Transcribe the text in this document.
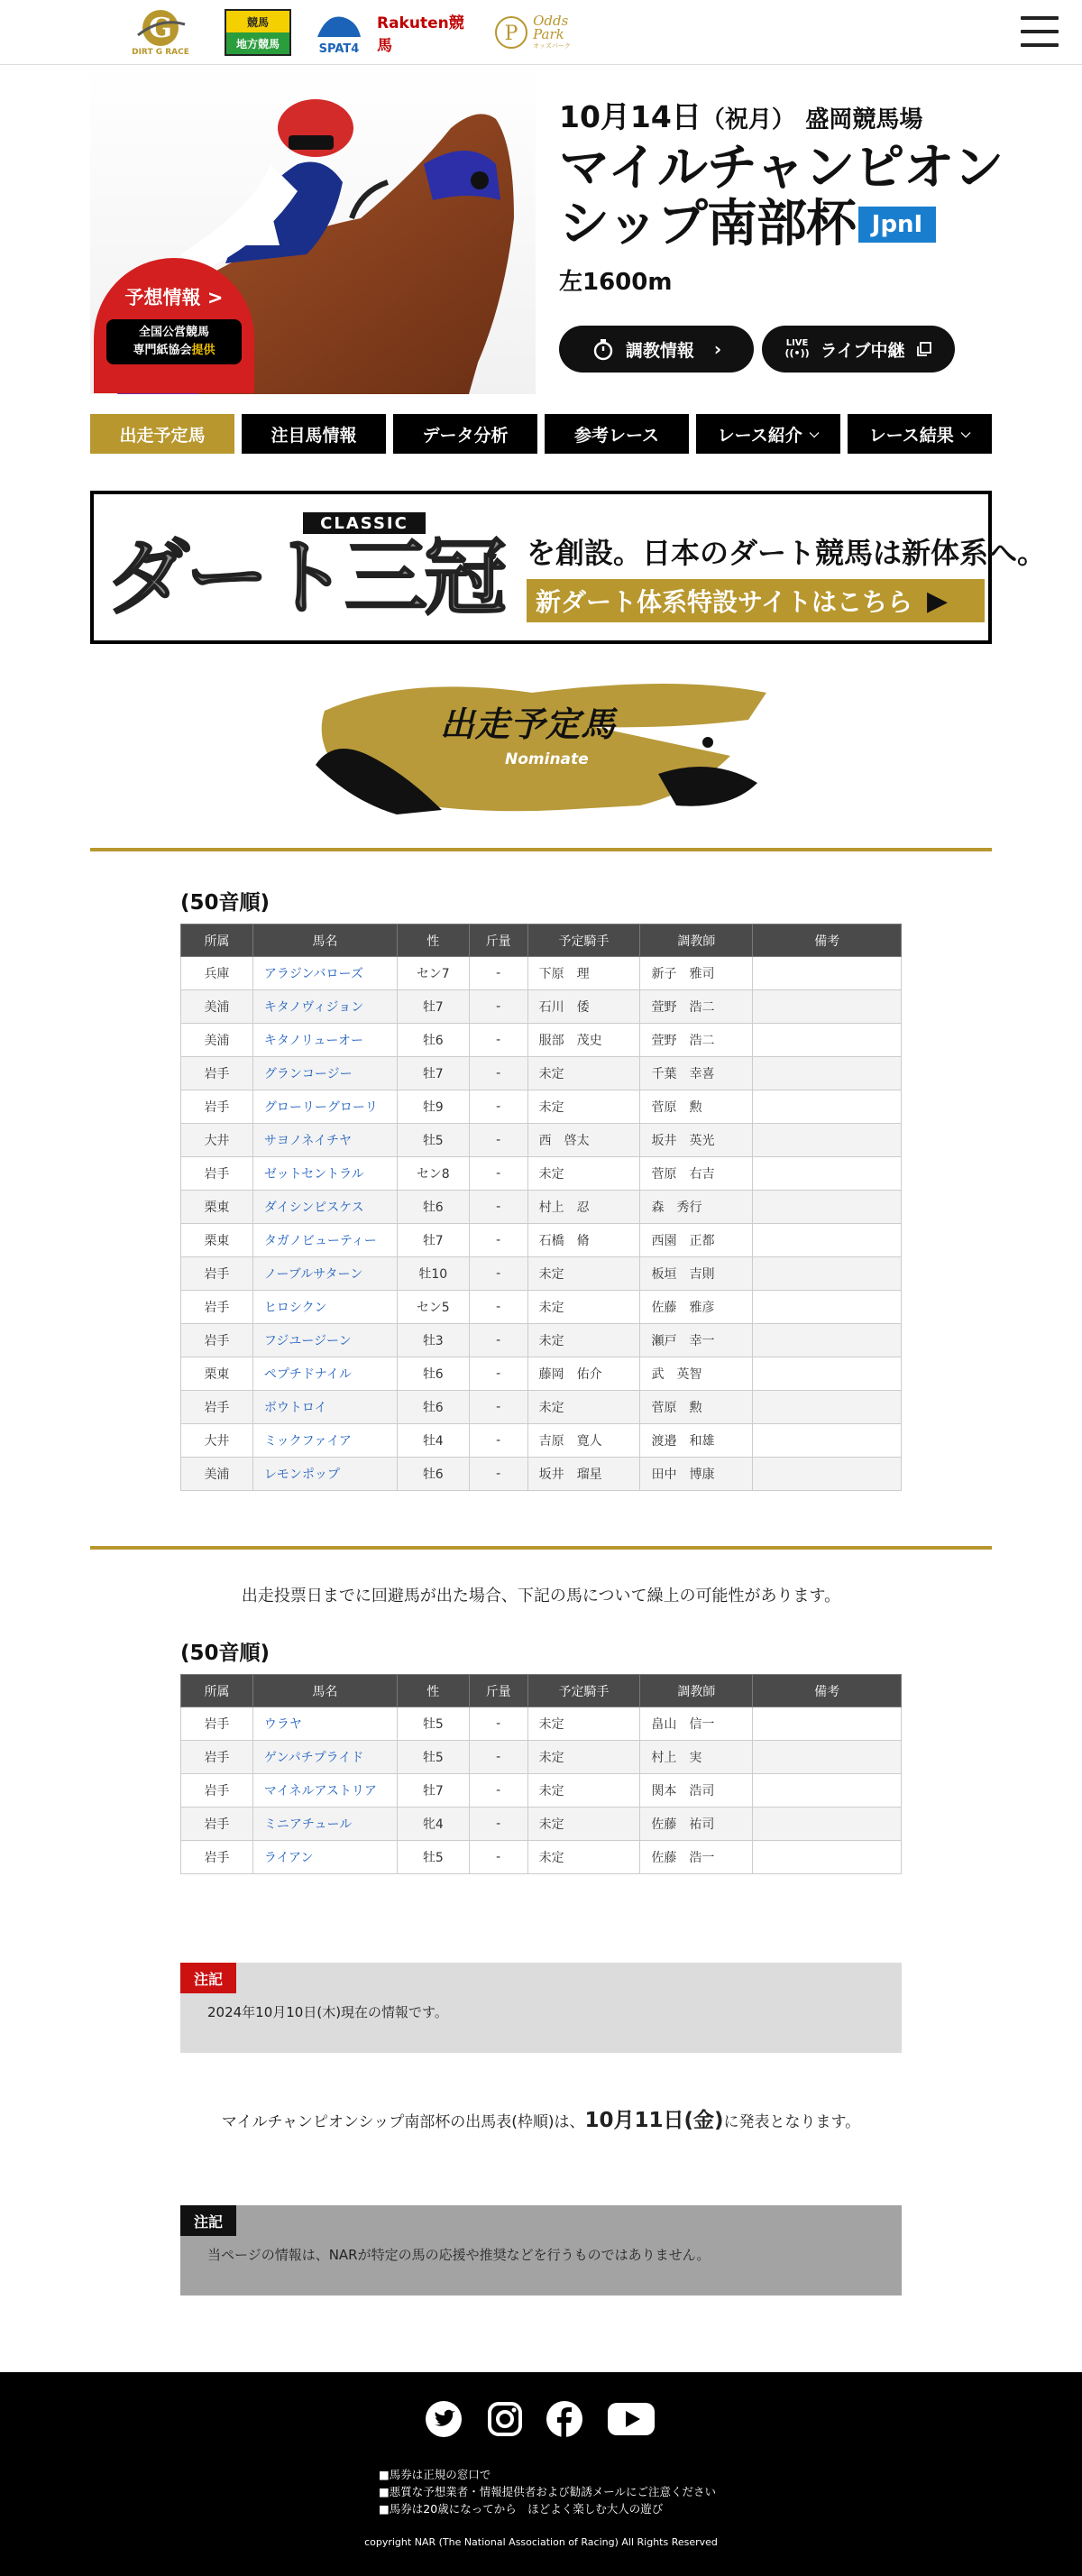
G
DIRT G RACE
競馬
地方競馬	SPAT4
Rakuten競馬
P
Odds
Park
オッズパーク
予想情報 >
全国公営競馬
専門紙協会提供
10月14日（祝月） 盛岡競馬場
マイルチャンピオン
シップ南部杯 JpnⅠ
左1600m
調教情報 ›	LIVE
((•)) ライブ中継
出走予定馬	注目馬情報	データ分析	参考レース	レース紹介 ⌵	レース結果 ⌵
CLASSIC
ダート三冠 を創設。日本のダート競馬は新体系へ。
新ダート体系特設サイトはこちら ▶
出走予定馬
Nominate
(50音順)
所属	馬名	性	斤量	予定騎手	調教師	備考
兵庫	アラジンバローズ	セン7	-	下原　理	新子　雅司	
美浦	キタノヴィジョン	牡7	-	石川　倭	萱野　浩二	
美浦	キタノリューオー	牡6	-	服部　茂史	萱野　浩二	
岩手	グランコージー	牡7	-	未定	千葉　幸喜	
岩手	グローリーグローリ	牡9	-	未定	菅原　勲	
大井	サヨノネイチヤ	牡5	-	西　啓太	坂井　英光	
岩手	ゼットセントラル	セン8	-	未定	菅原　右吉	
栗東	ダイシンピスケス	牡6	-	村上　忍	森　秀行	
栗東	タガノビューティー	牡7	-	石橋　脩	西園　正都	
岩手	ノーブルサターン	牡10	-	未定	板垣　吉則	
岩手	ヒロシクン	セン5	-	未定	佐藤　雅彦	
岩手	フジユージーン	牡3	-	未定	瀬戸　幸一	
栗東	ペプチドナイル	牡6	-	藤岡　佑介	武　英智	
岩手	ボウトロイ	牡6	-	未定	菅原　勲	
大井	ミックファイア	牡4	-	吉原　寛人	渡邉　和雄	
美浦	レモンポップ	牡6	-	坂井　瑠星	田中　博康	
出走投票日までに回避馬が出た場合、下記の馬について繰上の可能性があります。
(50音順)
所属	馬名	性	斤量	予定騎手	調教師	備考
岩手	ウラヤ	牡5	-	未定	畠山　信一	
岩手	ゲンパチプライド	牡5	-	未定	村上　実	
岩手	マイネルアストリア	牡7	-	未定	関本　浩司	
岩手	ミニアチュール	牝4	-	未定	佐藤　祐司	
岩手	ライアン	牡5	-	未定	佐藤　浩一	
注記
2024年10月10日(木)現在の情報です。
マイルチャンピオンシップ南部杯の出馬表(枠順)は、10月11日(金)に発表となります。
注記
当ページの情報は、NARが特定の馬の応援や推奨などを行うものではありません。
■馬券は正規の窓口で
■悪質な予想業者・情報提供者および勧誘メールにご注意ください
■馬券は20歳になってから　ほどよく楽しむ大人の遊び
copyright NAR (The National Association of Racing) All Rights Reserved
